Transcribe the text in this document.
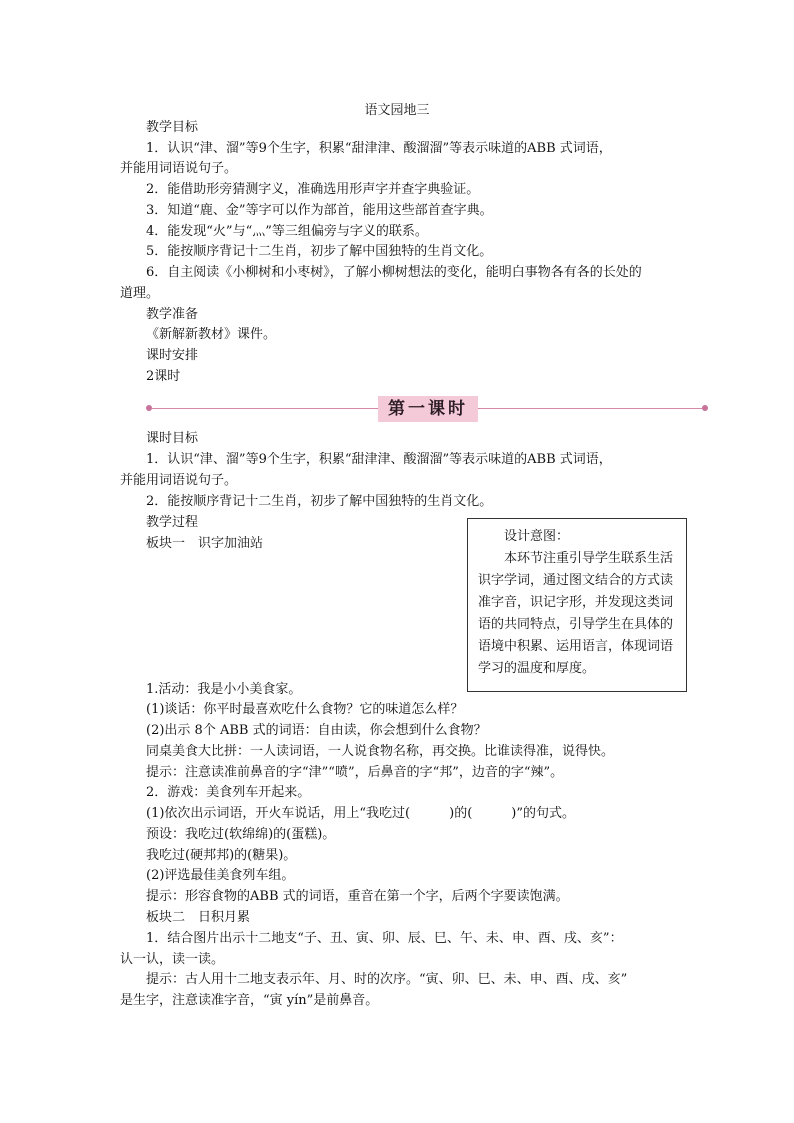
语文园地三
教学目标
1．认识“津、溜”等9个生字，积累“甜津津、酸溜溜”等表示味道的ABB 式词语，
并能用词语说句子。
2．能借助形旁猜测字义，准确选用形声字并查字典验证。
3．知道“鹿、金”等字可以作为部首，能用这些部首查字典。
4．能发现“火”与“灬”等三组偏旁与字义的联系。
5．能按顺序背记十二生肖，初步了解中国独特的生肖文化。
6．自主阅读《小柳树和小枣树》，了解小柳树想法的变化，能明白事物各有各的长处的
道理。
教学准备
《新解新教材》课件。
课时安排
2课时
第一课时
课时目标
1．认识“津、溜”等9个生字，积累“甜津津、酸溜溜”等表示味道的ABB 式词语，
并能用词语说句子。
2．能按顺序背记十二生肖，初步了解中国独特的生肖文化。
教学过程
板块一　识字加油站	设计意图：
本环节注重引导学生联系生活识字学词，通过图文结合的方式读准字音，识记字形，并发现这类词语的共同特点，引导学生在具体的语境中积累、运用语言，体现词语学习的温度和厚度。
1.活动：我是小小美食家。
(1)谈话：你平时最喜欢吃什么食物？它的味道怎么样？
(2)出示 8个 ABB 式的词语：自由读，你会想到什么食物？
同桌美食大比拼：一人读词语，一人说食物名称，再交换。比谁读得准，说得快。
提示：注意读准前鼻音的字“津”“喷”，后鼻音的字“邦”，边音的字“辣”。
2．游戏：美食列车开起来。
(1)依次出示词语，开火车说话，用上“我吃过(　　　)的(　　　)”的句式。
预设：我吃过(软绵绵)的(蛋糕)。
我吃过(硬邦邦)的(糖果)。
(2)评选最佳美食列车组。
提示：形容食物的ABB 式的词语，重音在第一个字，后两个字要读饱满。
板块二　日积月累
1．结合图片出示十二地支“子、丑、寅、卯、辰、巳、午、未、申、酉、戌、亥”：
认一认，读一读。
提示：古人用十二地支表示年、月、时的次序。“寅、卯、巳、未、申、酉、戌、亥”
是生字，注意读准字音，“寅 yín”是前鼻音。
